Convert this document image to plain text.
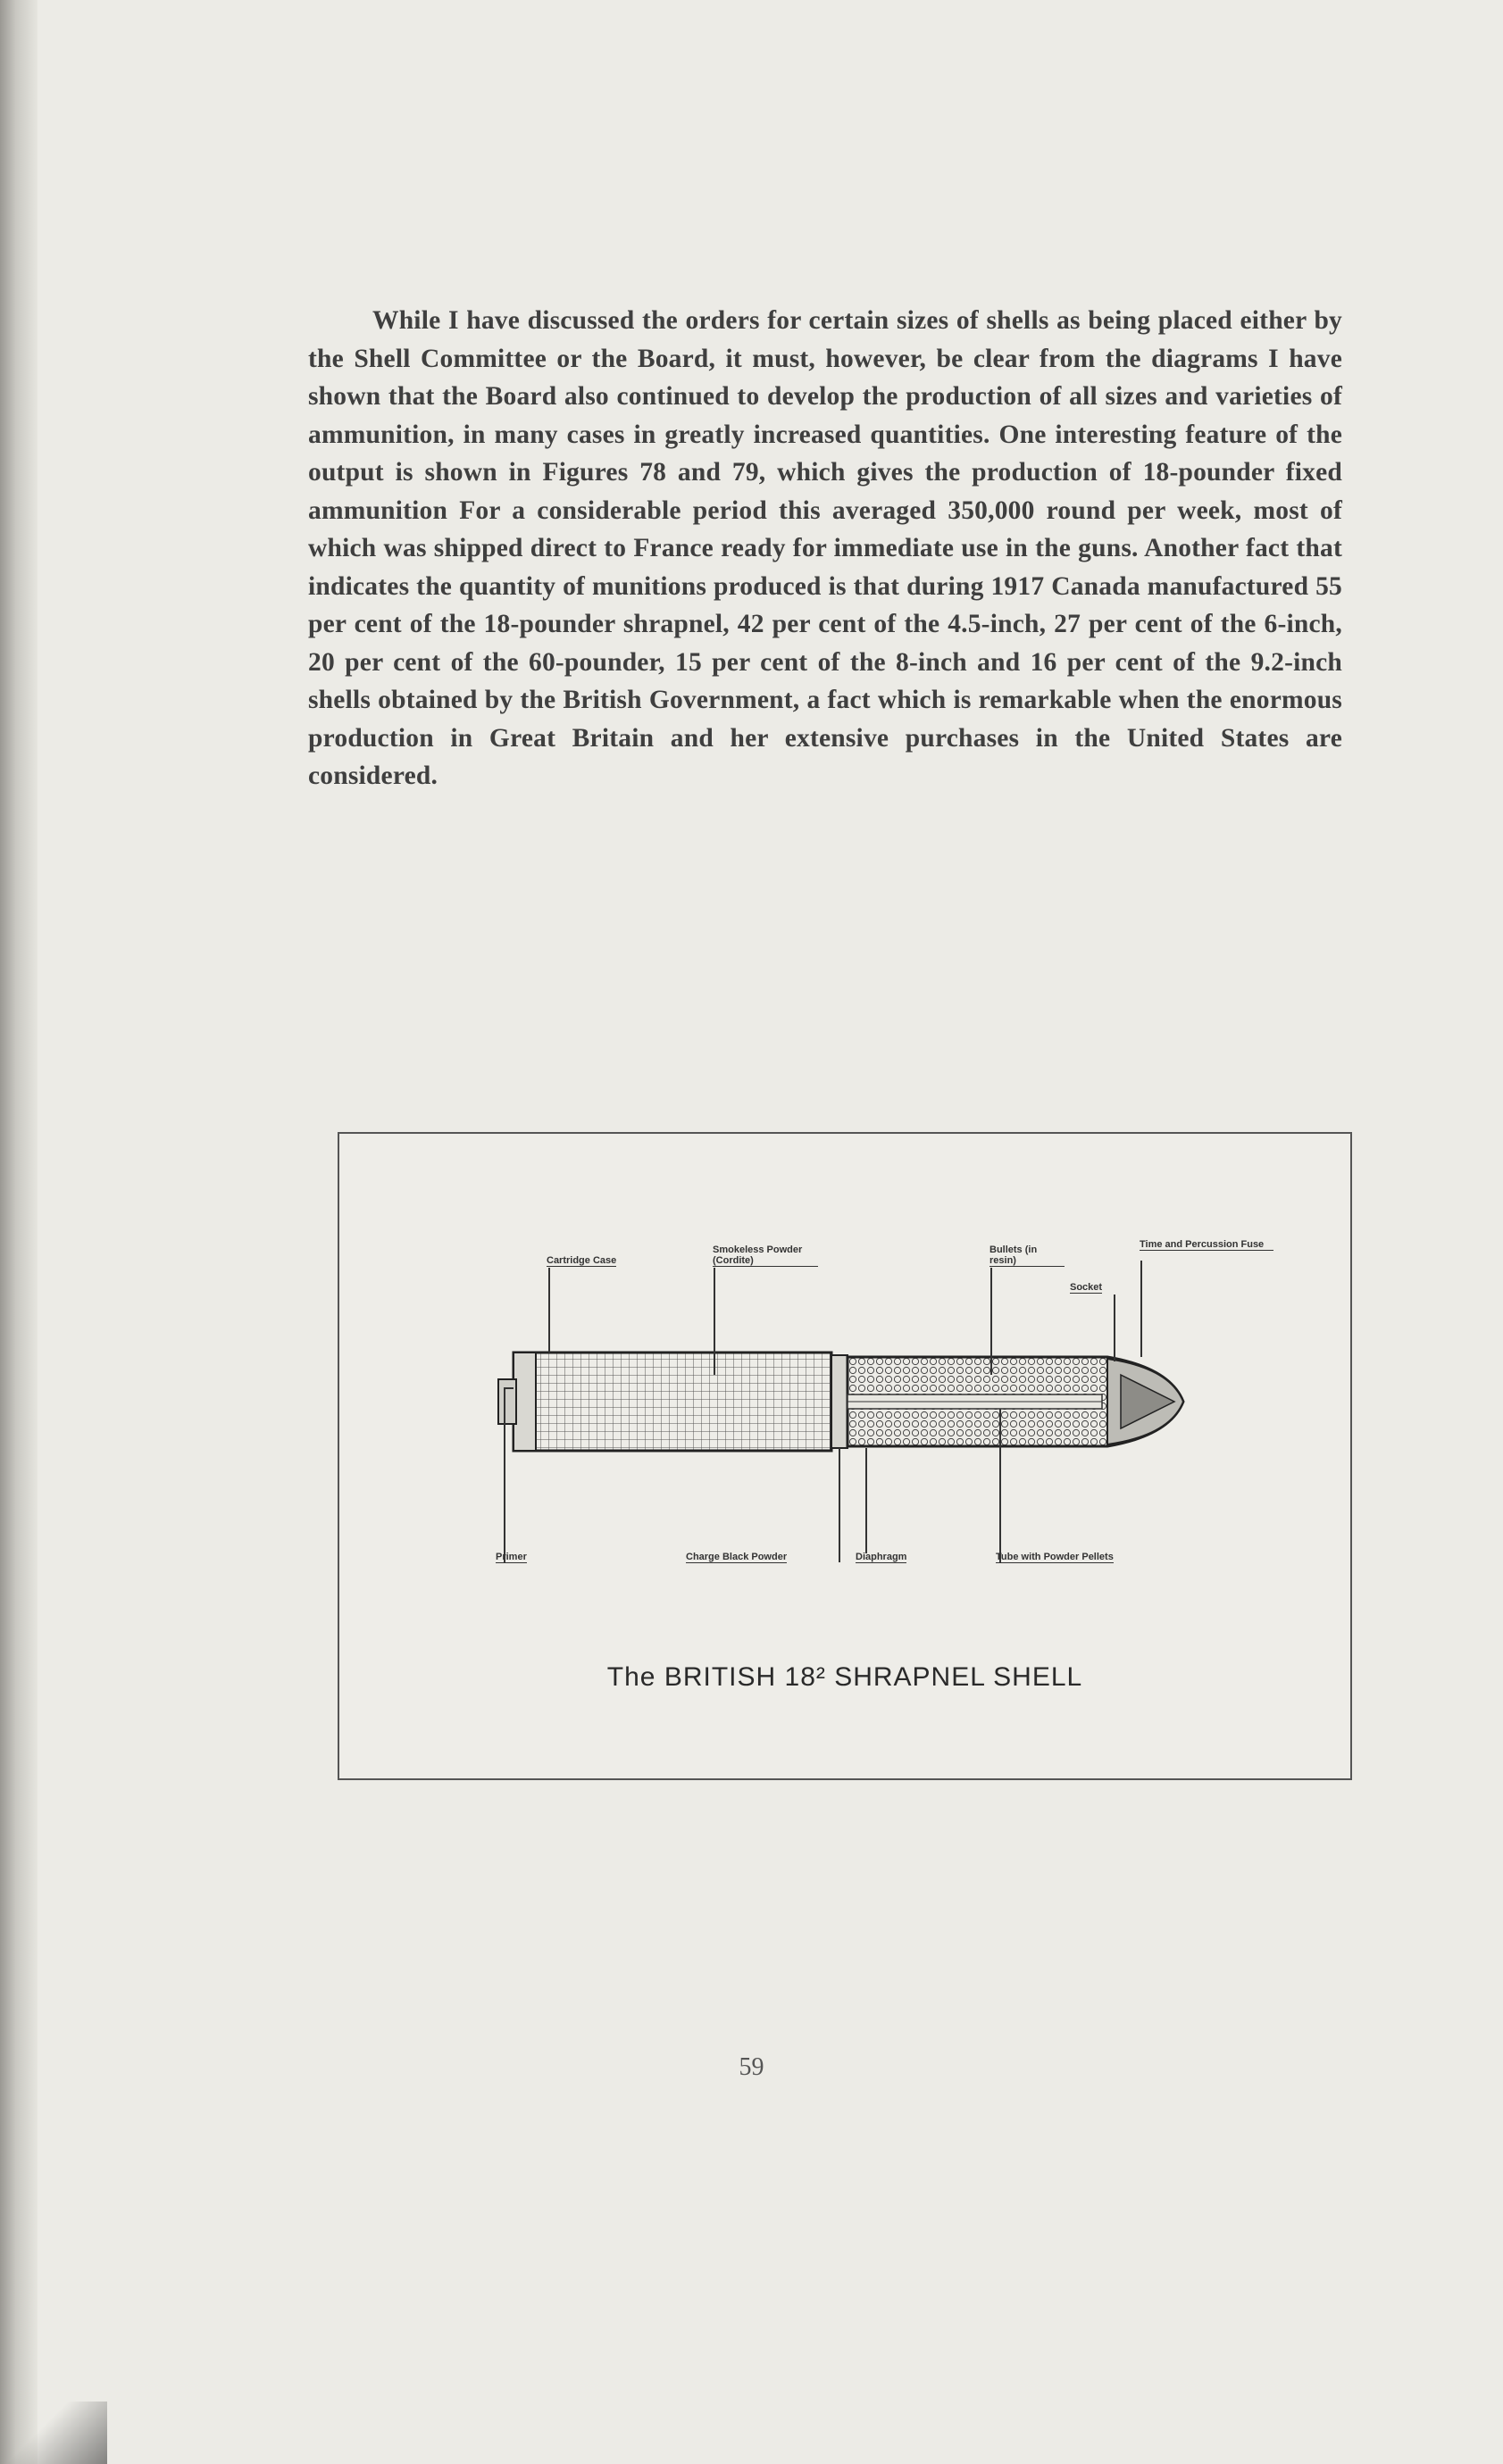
While I have discussed the orders for certain sizes of shells as being placed either by the Shell Committee or the Board, it must, however, be clear from the diagrams I have shown that the Board also continued to develop the production of all sizes and varieties of ammunition, in many cases in greatly increased quantities. One interesting feature of the output is shown in Figures 78 and 79, which gives the production of 18-pounder fixed ammunition For a considerable period this averaged 350,000 round per week, most of which was shipped direct to France ready for immediate use in the guns. Another fact that indicates the quantity of munitions produced is that during 1917 Canada manufactured 55 per cent of the 18-pounder shrapnel, 42 per cent of the 4.5-inch, 27 per cent of the 6-inch, 20 per cent of the 60-pounder, 15 per cent of the 8-inch and 16 per cent of the 9.2-inch shells obtained by the British Government, a fact which is remarkable when the enormous production in Great Britain and her extensive purchases in the United States are considered.

Cartridge Case
Smokeless Powder (Cordite)
Bullets (in resin)
Time and Percussion Fuse
Socket
Primer	Charge Black Powder	Diaphragm	Tube with Powder Pellets

The BRITISH 18² SHRAPNEL SHELL

59
